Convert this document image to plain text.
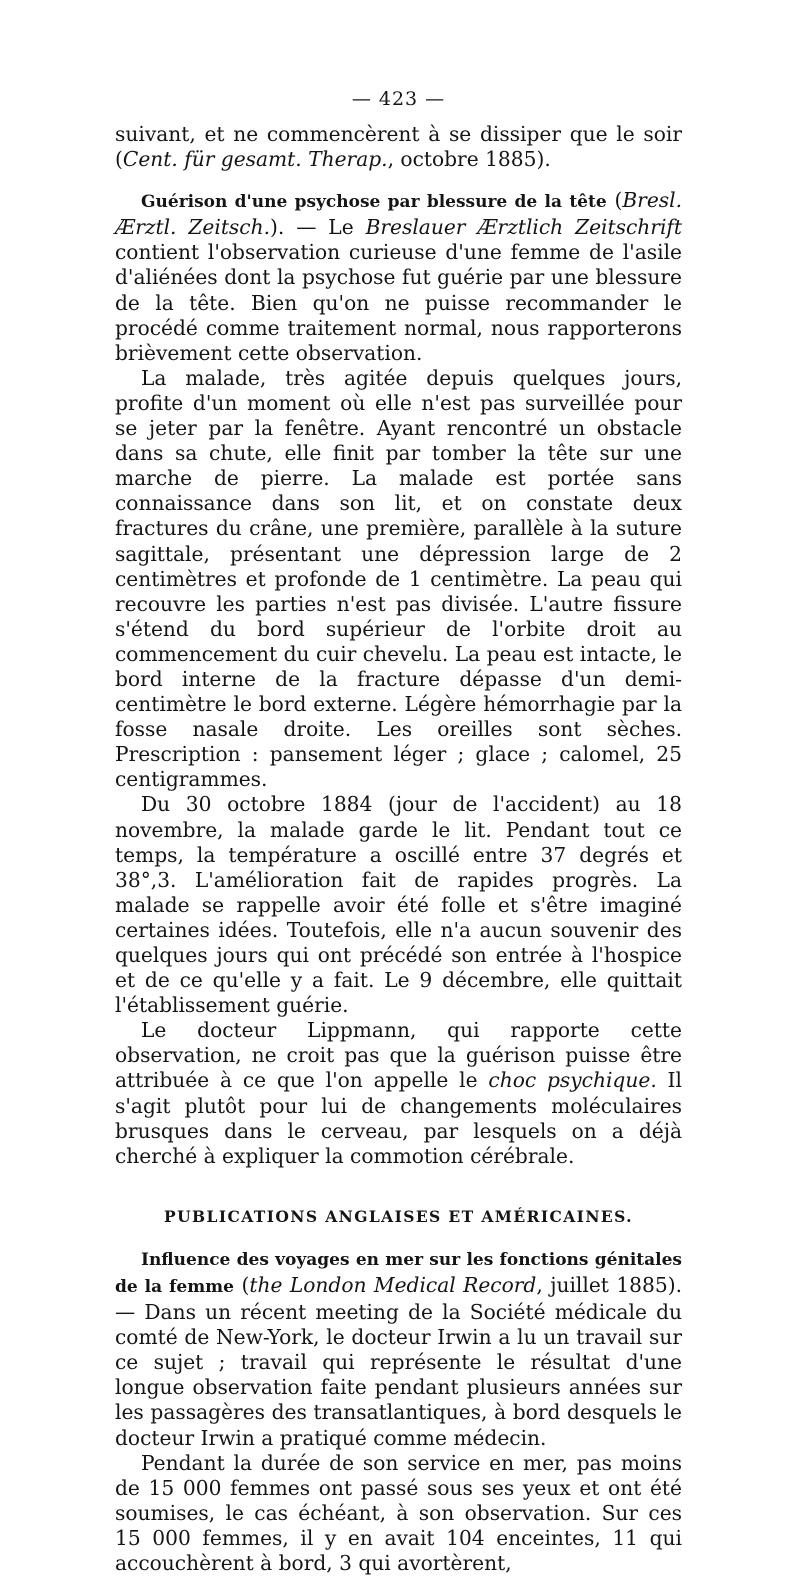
— 423 —

suivant, et ne commencèrent à se dissiper que le soir (Cent. für gesamt. Therap., octobre 1885).

Guérison d'une psychose par blessure de la tête (Bresl. Ærztl. Zeitsch.). — Le Breslauer Ærztlich Zeitschrift contient l'observation curieuse d'une femme de l'asile d'aliénées dont la psychose fut guérie par une blessure de la tête. Bien qu'on ne puisse recommander le procédé comme traitement normal, nous rapporterons brièvement cette observation.

La malade, très agitée depuis quelques jours, profite d'un moment où elle n'est pas surveillée pour se jeter par la fenêtre. Ayant rencontré un obstacle dans sa chute, elle finit par tomber la tête sur une marche de pierre. La malade est portée sans connaissance dans son lit, et on constate deux fractures du crâne, une première, parallèle à la suture sagittale, présentant une dépression large de 2 centimètres et profonde de 1 centimètre. La peau qui recouvre les parties n'est pas divisée. L'autre fissure s'étend du bord supérieur de l'orbite droit au commencement du cuir chevelu. La peau est intacte, le bord interne de la fracture dépasse d'un demi-centimètre le bord externe. Légère hémorrhagie par la fosse nasale droite. Les oreilles sont sèches. Prescription : pansement léger ; glace ; calomel, 25 centigrammes.

Du 30 octobre 1884 (jour de l'accident) au 18 novembre, la malade garde le lit. Pendant tout ce temps, la température a oscillé entre 37 degrés et 38°,3. L'amélioration fait de rapides progrès. La malade se rappelle avoir été folle et s'être imaginé certaines idées. Toutefois, elle n'a aucun souvenir des quelques jours qui ont précédé son entrée à l'hospice et de ce qu'elle y a fait. Le 9 décembre, elle quittait l'établissement guérie.

Le docteur Lippmann, qui rapporte cette observation, ne croit pas que la guérison puisse être attribuée à ce que l'on appelle le choc psychique. Il s'agit plutôt pour lui de changements moléculaires brusques dans le cerveau, par lesquels on a déjà cherché à expliquer la commotion cérébrale.

PUBLICATIONS ANGLAISES ET AMÉRICAINES.

Influence des voyages en mer sur les fonctions génitales de la femme (the London Medical Record, juillet 1885). — Dans un récent meeting de la Société médicale du comté de New-York, le docteur Irwin a lu un travail sur ce sujet ; travail qui représente le résultat d'une longue observation faite pendant plusieurs années sur les passagères des transatlantiques, à bord desquels le docteur Irwin a pratiqué comme médecin.

Pendant la durée de son service en mer, pas moins de 15 000 femmes ont passé sous ses yeux et ont été soumises, le cas échéant, à son observation. Sur ces 15 000 femmes, il y en avait 104 enceintes, 11 qui accouchèrent à bord, 3 qui avortèrent,
